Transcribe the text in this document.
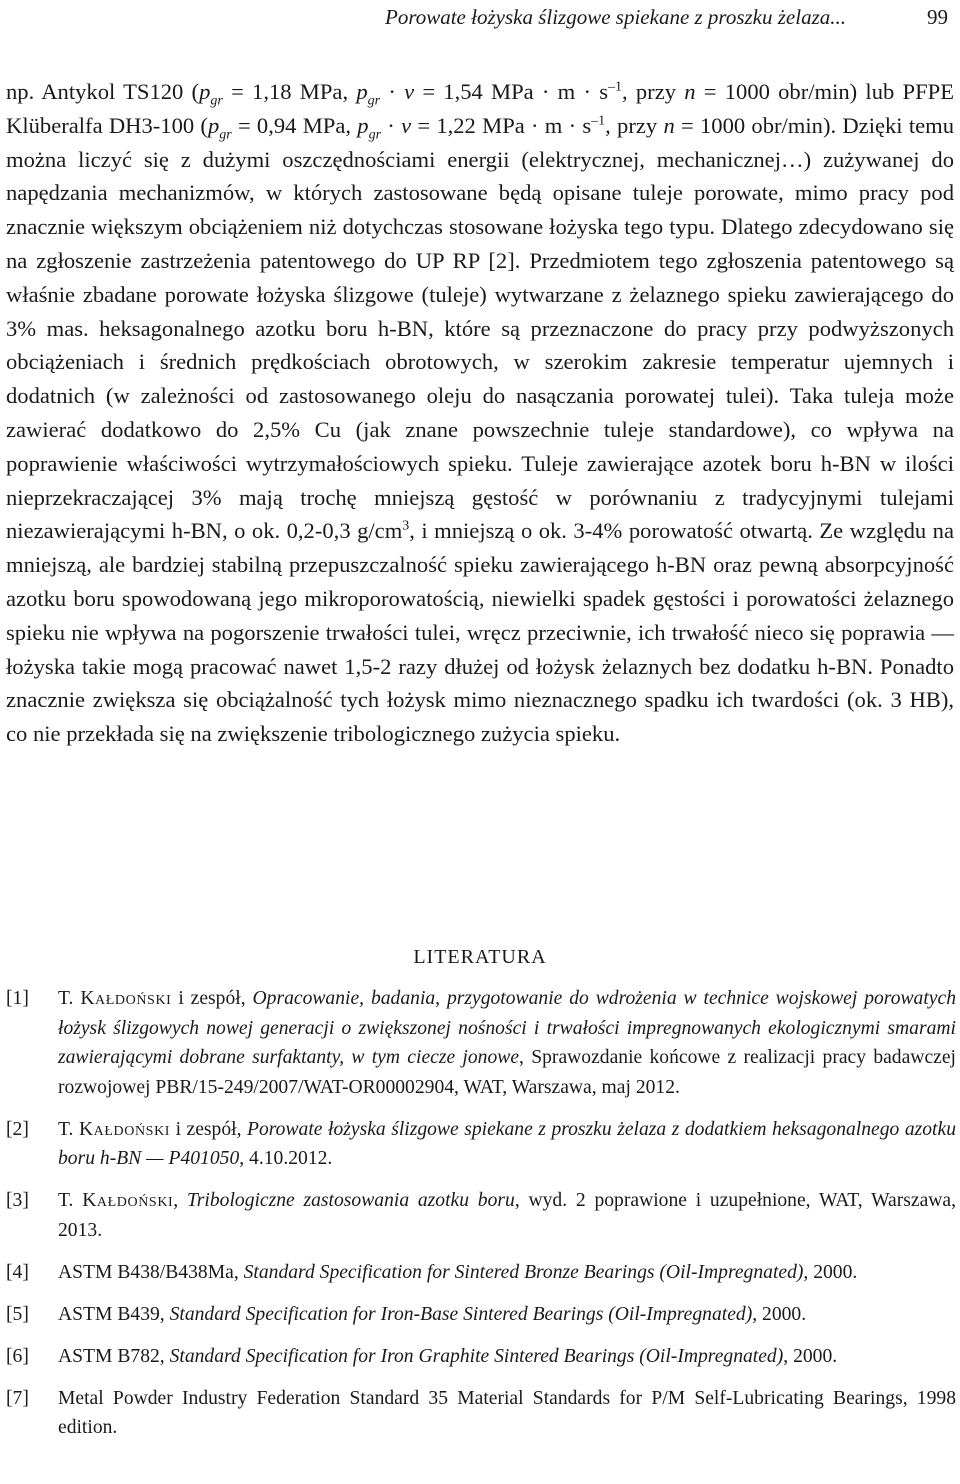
Porowate łożyska ślizgowe spiekane z proszku żelaza...	99
np. Antykol TS120 ($p_{gr} = 1,18$ MPa, $p_{gr} \cdot v = 1,54$ MPa · $m \cdot s^{-1}$, przy n = 1000 obr/min) lub PFPE Klüberalfa DH3-100 ($p_{gr} = 0,94$ MPa, $p_{gr} \cdot v = 1,22$ MPa · $m \cdot s^{-1}$, przy n = 1000 obr/min). Dzięki temu można liczyć się z dużymi oszczędnościami energii (elektrycznej, mechanicznej…) zużywanej do napędzania mechanizmów, w których zastosowane będą opisane tuleje porowate, mimo pracy pod znacznie większym obciążeniem niż dotychczas stosowane łożyska tego typu. Dlatego zdecydowano się na zgłoszenie zastrzeżenia patentowego do UP RP [2]. Przedmiotem tego zgłoszenia patentowego są właśnie zbadane porowate łożyska ślizgowe (tuleje) wytwarzane z żelaznego spieku zawierającego do 3% mas. heksagonalnego azotku boru h-BN, które są przeznaczone do pracy przy podwyższonych obciążeniach i średnich prędkościach obrotowych, w szerokim zakresie temperatur ujemnych i dodatnich (w zależności od zastosowanego oleju do nasączania porowatej tulei). Taka tuleja może zawierać dodatkowo do 2,5% Cu (jak znane powszechnie tuleje standardowe), co wpływa na poprawienie właściwości wytrzymałościowych spieku. Tuleje zawierające azotek boru h-BN w ilości nieprzekraczającej 3% mają trochę mniejszą gęstość w porównaniu z tradycyjnymi tulejami niezawierającymi h-BN, o ok. 0,2-0,3 $g/cm^3$, i mniejszą o ok. 3-4% porowatość otwartą. Ze względu na mniejszą, ale bardziej stabilną przepuszczalność spieku zawierającego h-BN oraz pewną absorpcyjność azotku boru spowodowaną jego mikroporowatością, niewielki spadek gęstości i porowatości żelaznego spieku nie wpływa na pogorszenie trwałości tulei, wręcz przeciwnie, ich trwałość nieco się poprawia — łożyska takie mogą pracować nawet 1,5-2 razy dłużej od łożysk żelaznych bez dodatku h-BN. Ponadto znacznie zwiększa się obciążalność tych łożysk mimo nieznacznego spadku ich twardości (ok. 3 HB), co nie przekłada się na zwiększenie tribologicznego zużycia spieku.
LITERATURA
[1] T. Kałdoński i zespół, Opracowanie, badania, przygotowanie do wdrożenia w technice wojskowej porowatych łożysk ślizgowych nowej generacji o zwiększonej nośności i trwałości impregnowanych ekologicznymi smarami zawierającymi dobrane surfaktanty, w tym ciecze jonowe, Sprawozdanie końcowe z realizacji pracy badawczej rozwojowej PBR/15-249/2007/WAT-OR00002904, WAT, Warszawa, maj 2012.
[2] T. Kałdoński i zespół, Porowate łożyska ślizgowe spiekane z proszku żelaza z dodatkiem heksagonalnego azotku boru h-BN — P401050, 4.10.2012.
[3] T. Kałdoński, Tribologiczne zastosowania azotku boru, wyd. 2 poprawione i uzupełnione, WAT, Warszawa, 2013.
[4] ASTM B438/B438Ma, Standard Specification for Sintered Bronze Bearings (Oil-Impregnated), 2000.
[5] ASTM B439, Standard Specification for Iron-Base Sintered Bearings (Oil-Impregnated), 2000.
[6] ASTM B782, Standard Specification for Iron Graphite Sintered Bearings (Oil-Impregnated), 2000.
[7] Metal Powder Industry Federation Standard 35 Material Standards for P/M Self-Lubricating Bearings, 1998 edition.
